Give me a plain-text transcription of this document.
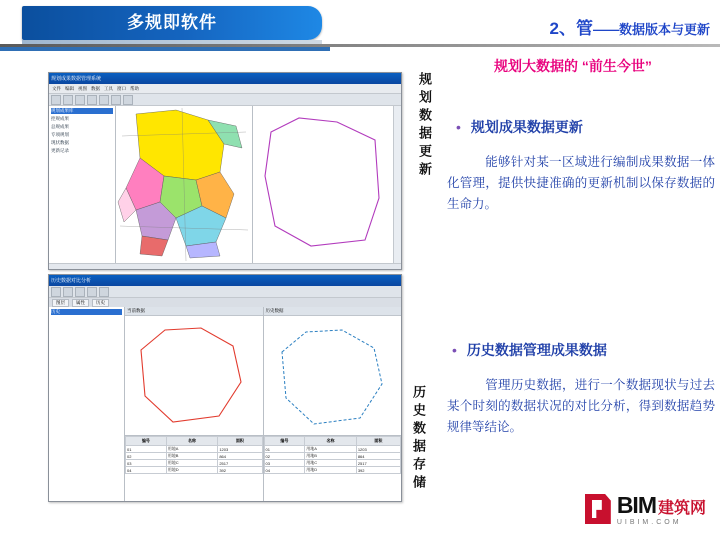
多规即软件	2、管——数据版本与更新
规划大数据的 “前生今世”
• 规划成果数据更新
能够针对某一区域进行编制成果数据一体化管理，提供快捷准确的更新机制以保存数据的生命力。
• 历史数据管理成果数据
管理历史数据，进行一个数据现状与过去某个时刻的数据状况的对比分析，得到数据趋势规律等结论。
规划数据更新
历史数据存储
规划成果数据管理系统
文件 编辑 视图 数据 工具 窗口 帮助
规划成果库
控规成果
总规成果
专项规划
现状数据
更新记录
历史数据对比分析
图层	属性	历史
历史	当前数据	历史数据
编号	名称	面积
01	用地A	1203
02	用地B	864
03	用地C	2517
04	用地D	392
编号	名称	面积
01	用地A	1203
02	用地B	864
03	用地C	2517
04	用地D	392
BIM 建筑网
UIBIM.COM
